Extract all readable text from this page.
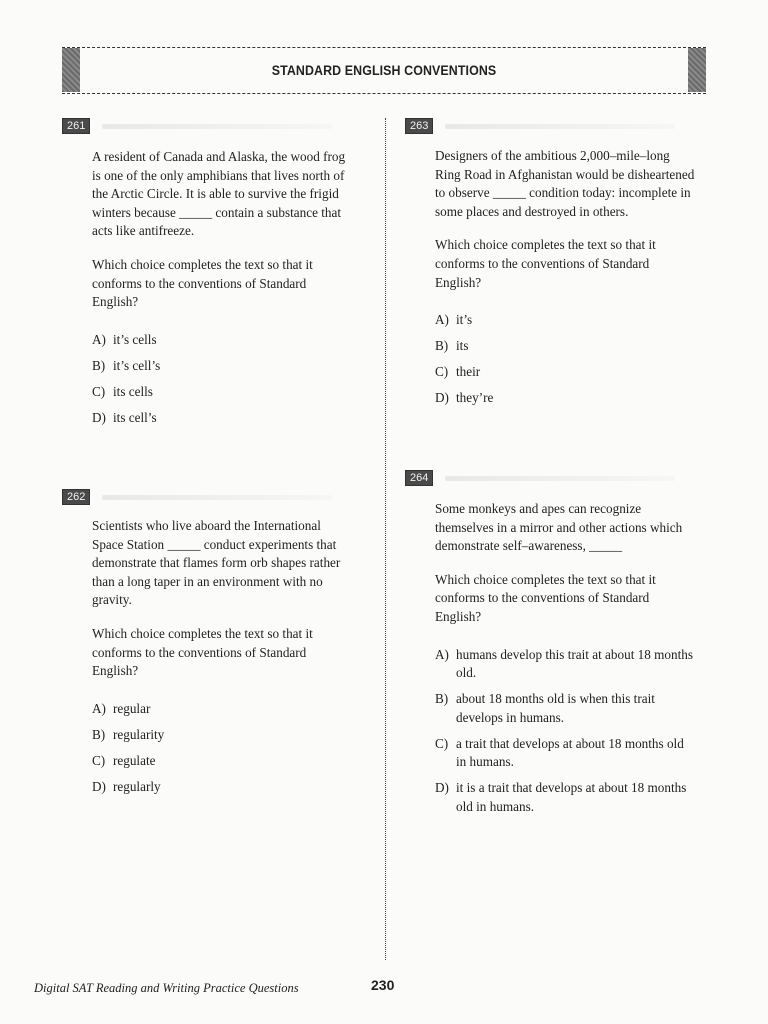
STANDARD ENGLISH CONVENTIONS
261

A resident of Canada and Alaska, the wood frog is one of the only amphibians that lives north of the Arctic Circle. It is able to survive the frigid winters because _____ contain a substance that acts like antifreeze.

Which choice completes the text so that it conforms to the conventions of Standard English?

A) it’s cells
B) it’s cell’s
C) its cells
D) its cell’s
262

Scientists who live aboard the International Space Station _____ conduct experiments that demonstrate that flames form orb shapes rather than a long taper in an environment with no gravity.

Which choice completes the text so that it conforms to the conventions of Standard English?

A) regular
B) regularity
C) regulate
D) regularly
263

Designers of the ambitious 2,000–mile–long Ring Road in Afghanistan would be disheartened to observe _____ condition today: incomplete in some places and destroyed in others.

Which choice completes the text so that it conforms to the conventions of Standard English?

A) it’s
B) its
C) their
D) they’re
264

Some monkeys and apes can recognize themselves in a mirror and other actions which demonstrate self–awareness, _____

Which choice completes the text so that it conforms to the conventions of Standard English?

A) humans develop this trait at about 18 months old.
B) about 18 months old is when this trait develops in humans.
C) a trait that develops at about 18 months old in humans.
D) it is a trait that develops at about 18 months old in humans.
Digital SAT Reading and Writing Practice Questions	230
